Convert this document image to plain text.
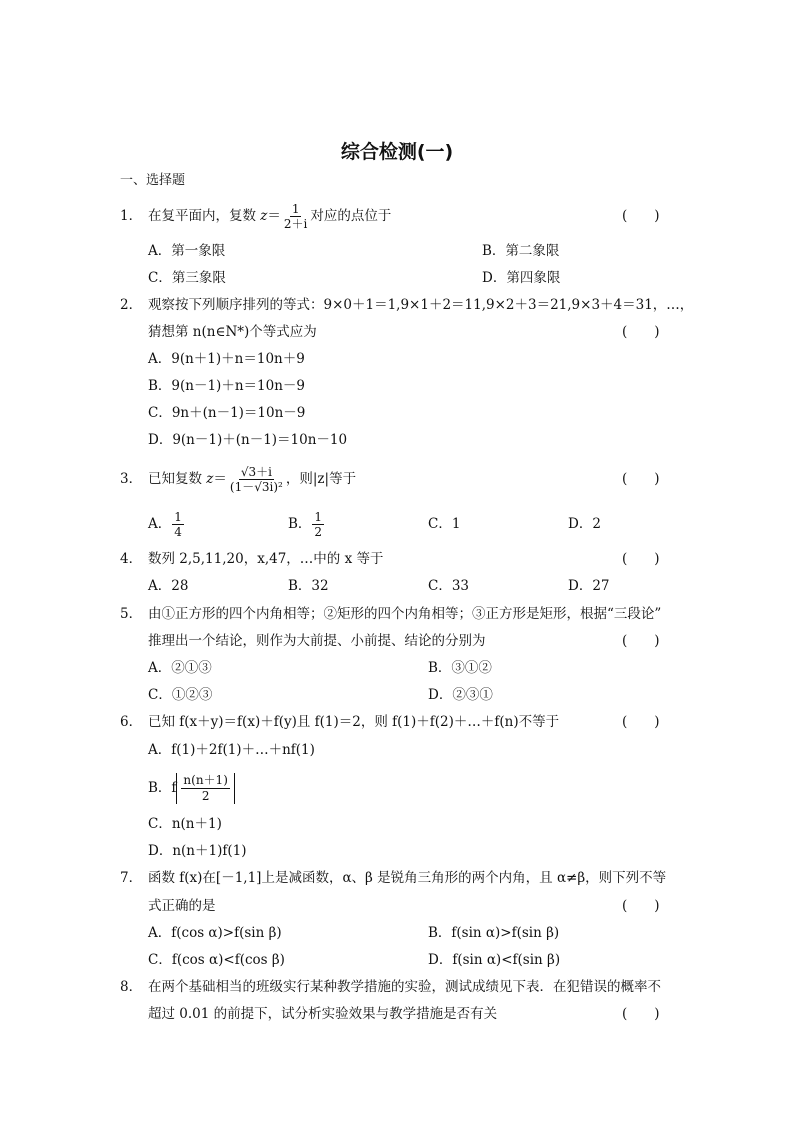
综合检测(一)
一、选择题
1． 在复平面内，复数 $z= \frac{1}{2+i}$ 对应的点位于	(　　)
A．第一象限	B．第二象限
C．第三象限	D．第四象限
2． 观察按下列顺序排列的等式：9×0＋1＝1,9×1＋2＝11,9×2＋3＝21,9×3＋4＝31，…，
猜想第 n(n∈N*)个等式应为	(　　)
A．9(n＋1)＋n＝10n＋9
B．9(n－1)＋n＝10n－9
C．9n＋(n－1)＝10n－9
D．9(n－1)＋(n－1)＝10n－10
3． 已知复数 $z= \frac{√3+i}{\text{(1－√3i)²}}$ ，则|z|等于	(　　)
A． $\frac{1}{4}$	B． $\frac{1}{2}$	C．1	D．2
4． 数列 2,5,11,20，x,47，…中的 x 等于	(　　)
A．28	B．32	C．33	D．27
5． 由①正方形的四个内角相等；②矩形的四个内角相等；③正方形是矩形，根据“三段论”
推理出一个结论，则作为大前提、小前提、结论的分别为	(　　)
A．②①③	B．③①②
C．①②③	D．②③①
6． 已知 f(x＋y)＝f(x)＋f(y)且 f(1)＝2，则 f(1)＋f(2)＋…＋f(n)不等于	(　　)
A．f(1)＋2f(1)＋…＋nf(1)
B．f $\frac{n(n+1)}{2}$
C．n(n＋1)
D．n(n＋1)f(1)
7． 函数 f(x)在[－1,1]上是减函数，α、β 是锐角三角形的两个内角，且 α≠β，则下列不等
式正确的是	(　　)
A．f(cos α)>f(sin β)	B．f(sin α)>f(sin β)
C．f(cos α)<f(cos β)	D．f(sin α)<f(sin β)
8． 在两个基础相当的班级实行某种教学措施的实验，测试成绩见下表．在犯错误的概率不
超过 0.01 的前提下，试分析实验效果与教学措施是否有关	(　　)
